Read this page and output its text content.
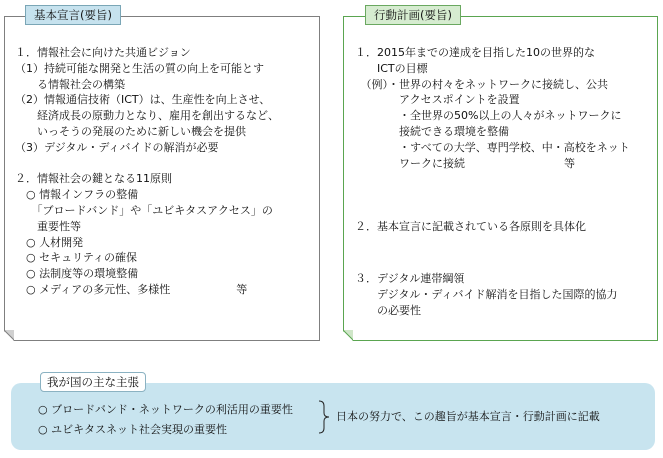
基本宣言(要旨)
１．情報社会に向けた共通ビジョン
（1）持続可能な開発と生活の質の向上を可能とす
　　る情報社会の構築
（2）情報通信技術（ICT）は、生産性を向上させ、
　　経済成長の原動力となり、雇用を創出するなど、
　　いっそうの発展のために新しい機会を提供
（3）デジタル・ディバイドの解消が必要
２．情報社会の鍵となる11原則
　○ 情報インフラの整備
　　「ブロードバンド」や「ユビキタスアクセス」の
　　重要性等
　○ 人材開発
　○ セキュリティの確保
　○ 法制度等の環境整備
　○ メディアの多元性、多様性　　　　　　等
行動計画(要旨)
１．2015年までの達成を目指した10の世界的な
　　ICTの目標
　（例）・世界の村々をネットワークに接続し、公共
　　　　アクセスポイントを設置
　　　　・全世界の50%以上の人々がネットワークに
　　　　接続できる環境を整備
　　　　・すべての大学、専門学校、中・高校をネット
　　　　ワークに接続　　　　　　　　　等
２．基本宣言に記載されている各原則を具体化
３．デジタル連帯綱領
　　デジタル・ディバイド解消を目指した国際的協力
　　の必要性
我が国の主な主張
○ ブロードバンド・ネットワークの利活用の重要性
○ ユビキタスネット社会実現の重要性
日本の努力で、この趣旨が基本宣言・行動計画に記載
